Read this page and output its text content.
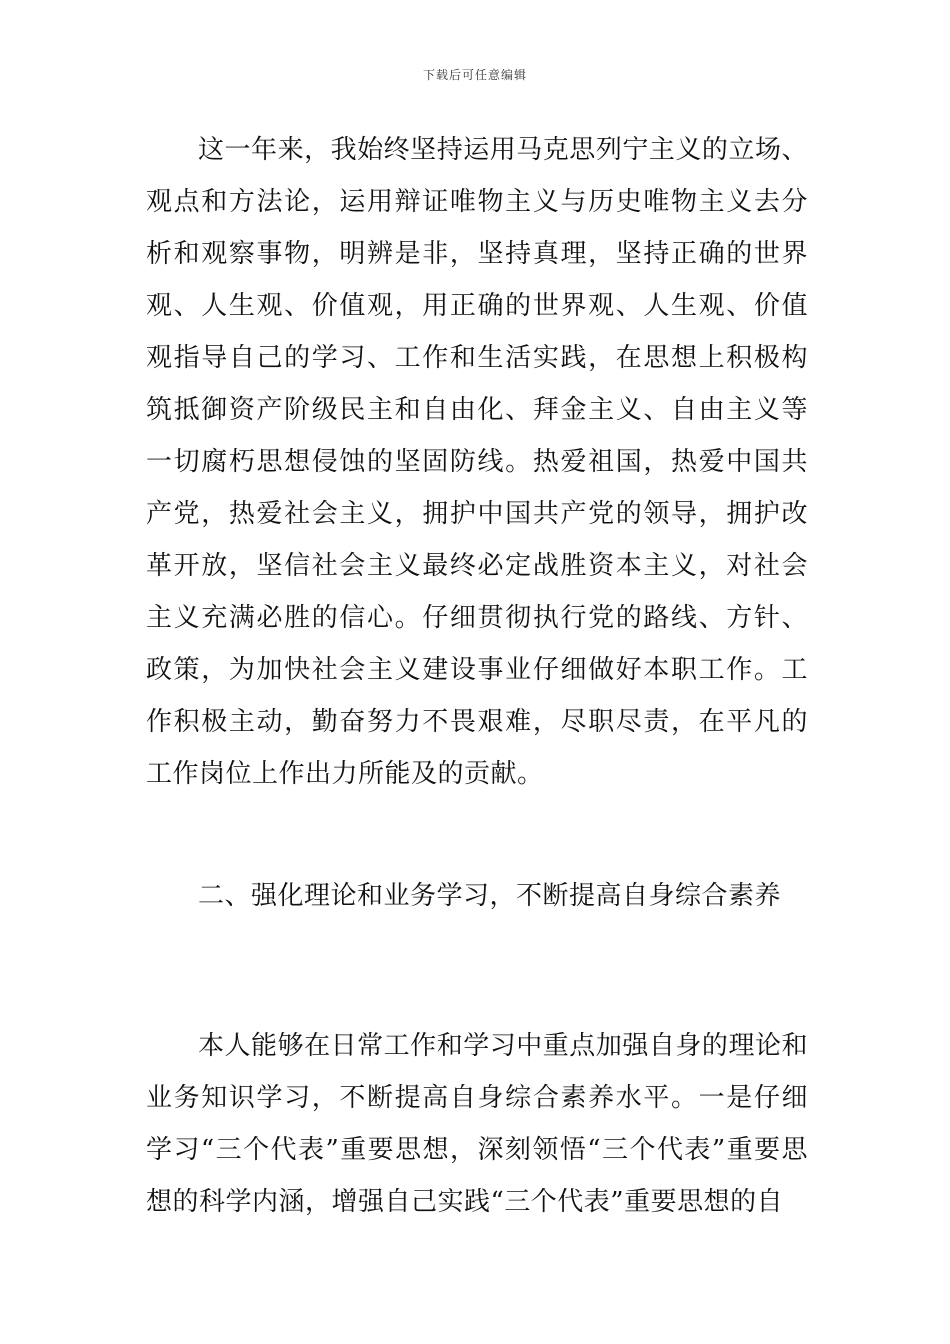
下载后可任意编辑

这一年来，我始终坚持运用马克思列宁主义的立场、观点和方法论，运用辩证唯物主义与历史唯物主义去分析和观察事物，明辨是非，坚持真理，坚持正确的世界观、人生观、价值观，用正确的世界观、人生观、价值观指导自己的学习、工作和生活实践，在思想上积极构筑抵御资产阶级民主和自由化、拜金主义、自由主义等一切腐朽思想侵蚀的坚固防线。热爱祖国，热爱中国共产党，热爱社会主义，拥护中国共产党的领导，拥护改革开放，坚信社会主义最终必定战胜资本主义，对社会主义充满必胜的信心。仔细贯彻执行党的路线、方针、政策，为加快社会主义建设事业仔细做好本职工作。工作积极主动，勤奋努力不畏艰难，尽职尽责，在平凡的工作岗位上作出力所能及的贡献。

二、强化理论和业务学习，不断提高自身综合素养

本人能够在日常工作和学习中重点加强自身的理论和业务知识学习，不断提高自身综合素养水平。一是仔细学习“三个代表”重要思想，深刻领悟“三个代表”重要思想的科学内涵，增强自己实践“三个代表”重要思想的自
